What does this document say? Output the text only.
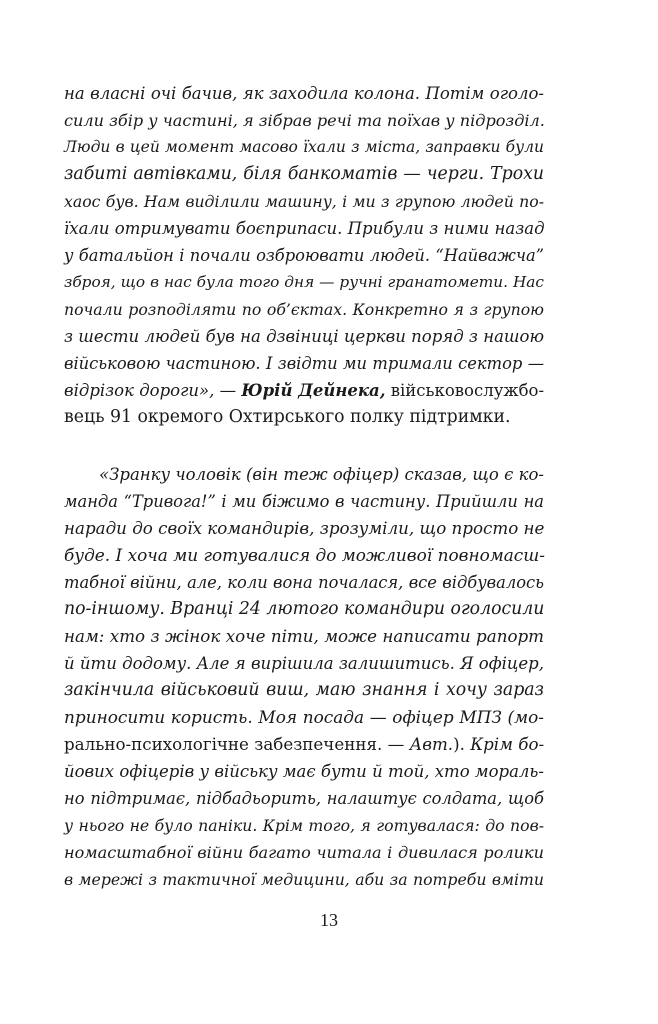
на власні очі бачив, як заходила колона. Потім оголо-
сили збір у частині, я зібрав речі та поїхав у підрозділ.
Люди в цей момент масово їхали з міста, заправки були
забиті автівками, біля банкоматів — черги. Трохи
хаос був. Нам виділили машину, і ми з групою людей по-
їхали отримувати боєприпаси. Прибули з ними назад
у батальйон і почали озброювати людей. “Найважча”
зброя, що в нас була того дня — ручні гранатомети. Нас
почали розподіляти по об’єктах. Конкретно я з групою
з шести людей був на дзвіниці церкви поряд з нашою
військовою частиною. І звідти ми тримали сектор —
відрізок дороги», — Юрій Дейнека, військовослужбо-
вець 91 окремого Охтирського полку підтримки.
«Зранку чоловік (він теж офіцер) сказав, що є ко-
манда “Тривога!” і ми біжимо в частину. Прийшли на
наради до своїх командирів, зрозуміли, що просто не
буде. І хоча ми готувалися до можливої повномасш-
табної війни, але, коли вона почалася, все відбувалось
по-іншому. Вранці 24 лютого командири оголосили
нам: хто з жінок хоче піти, може написати рапорт
й йти додому. Але я вирішила залишитись. Я офіцер,
закінчила військовий виш, маю знання і хочу зараз
приносити користь. Моя посада — офіцер МПЗ (мо-
рально-психологічне забезпечення. — Авт.). Крім бо-
йових офіцерів у війську має бути й той, хто мораль-
но підтримає, підбадьорить, налаштує солдата, щоб
у нього не було паніки. Крім того, я готувалася: до пов-
номасштабної війни багато читала і дивилася ролики
в мережі з тактичної медицини, аби за потреби вміти
13
